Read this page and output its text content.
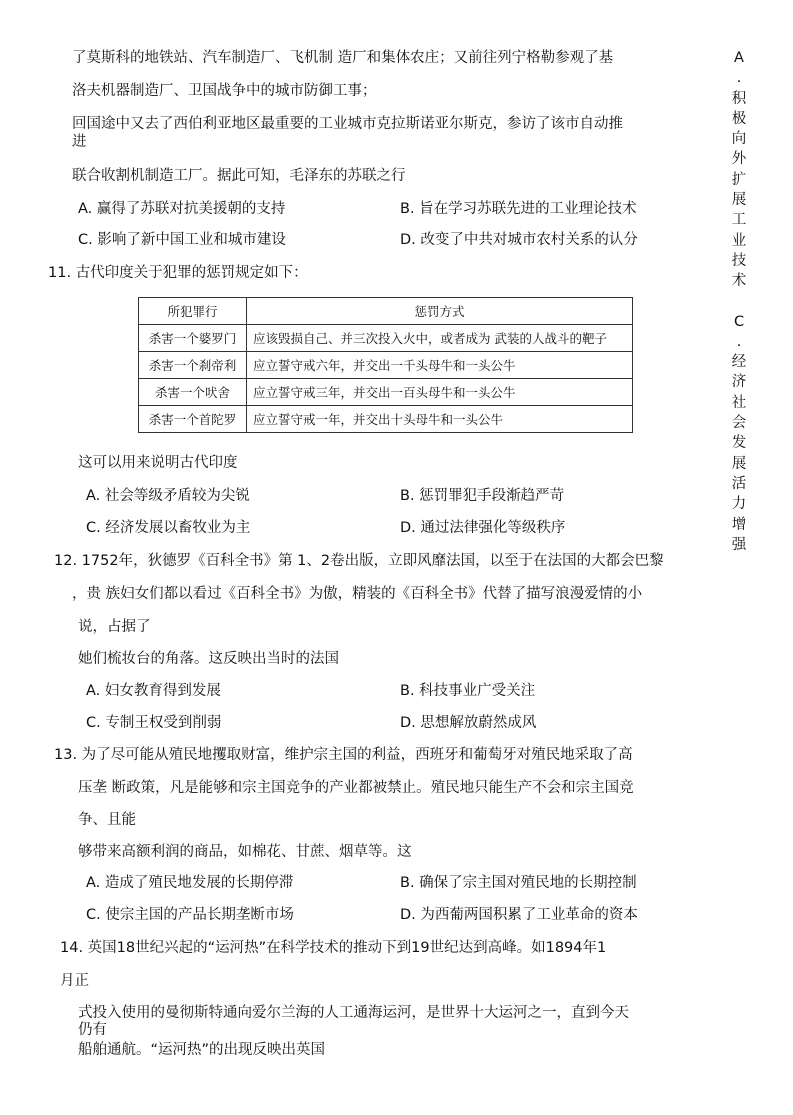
了莫斯科的地铁站、汽车制造厂、飞机制 造厂和集体农庄；又前往列宁格勒参观了基
洛夫机器制造厂、卫国战争中的城市防御工事；
回国途中又去了西伯利亚地区最重要的工业城市克拉斯诺亚尔斯克，参访了该市自动推
进
联合收割机制造工厂。据此可知，毛泽东的苏联之行
A. 赢得了苏联对抗美援朝的支持	B. 旨在学习苏联先进的工业理论技术
C. 影响了新中国工业和城市建设	D. 改变了中共对城市农村关系的认分
11. 古代印度关于犯罪的惩罚规定如下：
所犯罪行	惩罚方式
杀害一个婆罗门	应该毁损自己、并三次投入火中，或者成为 武装的人战斗的靶子
杀害一个刹帝利	应立誓守戒六年，并交出一千头母牛和一头公牛
杀害一个吠舍	应立誓守戒三年，并交出一百头母牛和一头公牛
杀害一个首陀罗	应立誓守戒一年，并交出十头母牛和一头公牛
这可以用来说明古代印度
A. 社会等级矛盾较为尖锐	B. 惩罚罪犯手段渐趋严苛
C. 经济发展以畜牧业为主	D. 通过法律强化等级秩序
12. 1752年，狄德罗《百科全书》第 1、2卷出版，立即风靡法国，以至于在法国的大都会巴黎
，贵 族妇女们都以看过《百科全书》为傲，精装的《百科全书》代替了描写浪漫爱情的小
说，占据了
她们梳妆台的角落。这反映出当时的法国
A. 妇女教育得到发展	B. 科技事业广受关注
C. 专制王权受到削弱	D. 思想解放蔚然成风
13. 为了尽可能从殖民地攫取财富，维护宗主国的利益，西班牙和葡萄牙对殖民地采取了高
压垄 断政策，凡是能够和宗主国竞争的产业都被禁止。殖民地只能生产不会和宗主国竞
争、且能
够带来高额利润的商品，如棉花、甘蔗、烟草等。这
A. 造成了殖民地发展的长期停滞	B. 确保了宗主国对殖民地的长期控制
C. 使宗主国的产品长期垄断市场	D. 为西葡两国积累了工业革命的资本
14. 英国18世纪兴起的“运河热”在科学技术的推动下到19世纪达到高峰。如1894年1
月正
式投入使用的曼彻斯特通向爱尔兰海的人工通海运河，是世界十大运河之一，直到今天
仍有
船舶通航。“运河热”的出现反映出英国
A
.
积
极
向
外
扩
展
工
业
技
术
C
.
经
济
社
会
发
展
活
力
增
强
